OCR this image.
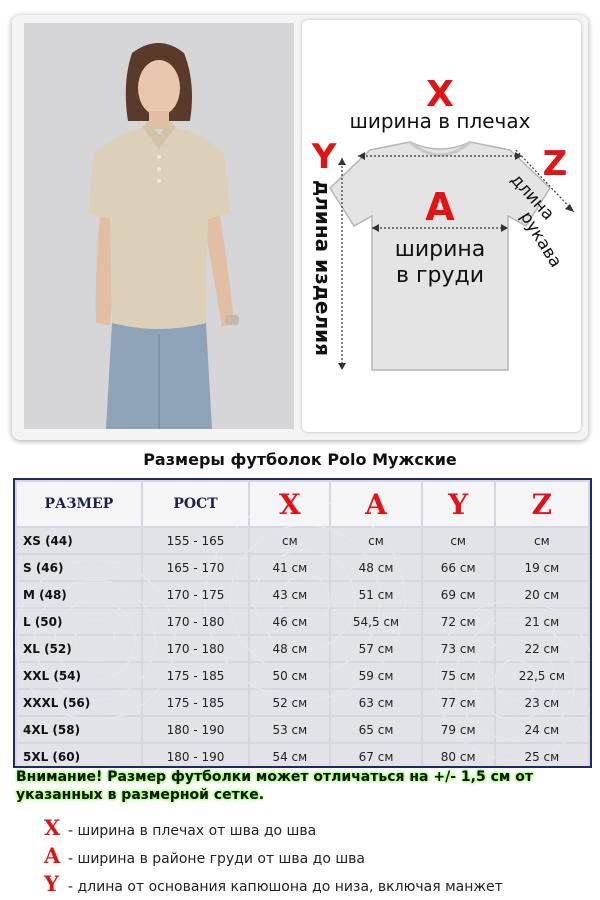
X
ширина в плечах
Y
длина изделия
Z
длина
рукава
A
ширина
в груди
Размеры футболок Polo Мужские
РАЗМЕР	РОСТ	X	A	Y	Z
XS (44)	155 - 165	см	см	см	см
S (46)	165 - 170	41 см	48 см	66 см	19 см
M (48)	170 - 175	43 см	51 см	69 см	20 см
L (50)	170 - 180	46 см	54,5 см	72 см	21 см
XL (52)	170 - 180	48 см	57 см	73 см	22 см
XXL (54)	175 - 185	50 см	59 см	75 см	22,5 см
XXXL (56)	175 - 185	52 см	63 см	77 см	23 см
4XL (58)	180 - 190	53 см	65 см	79 см	24 см
5XL (60)	180 - 190	54 см	67 см	80 см	25 см
Внимание! Размер футболки может отличаться на +/- 1,5 см от указанных в размерной сетке.
X - ширина в плечах от шва до шва
A - ширина в районе груди от шва до шва
Y - длина от основания капюшона до низа, включая манжет
